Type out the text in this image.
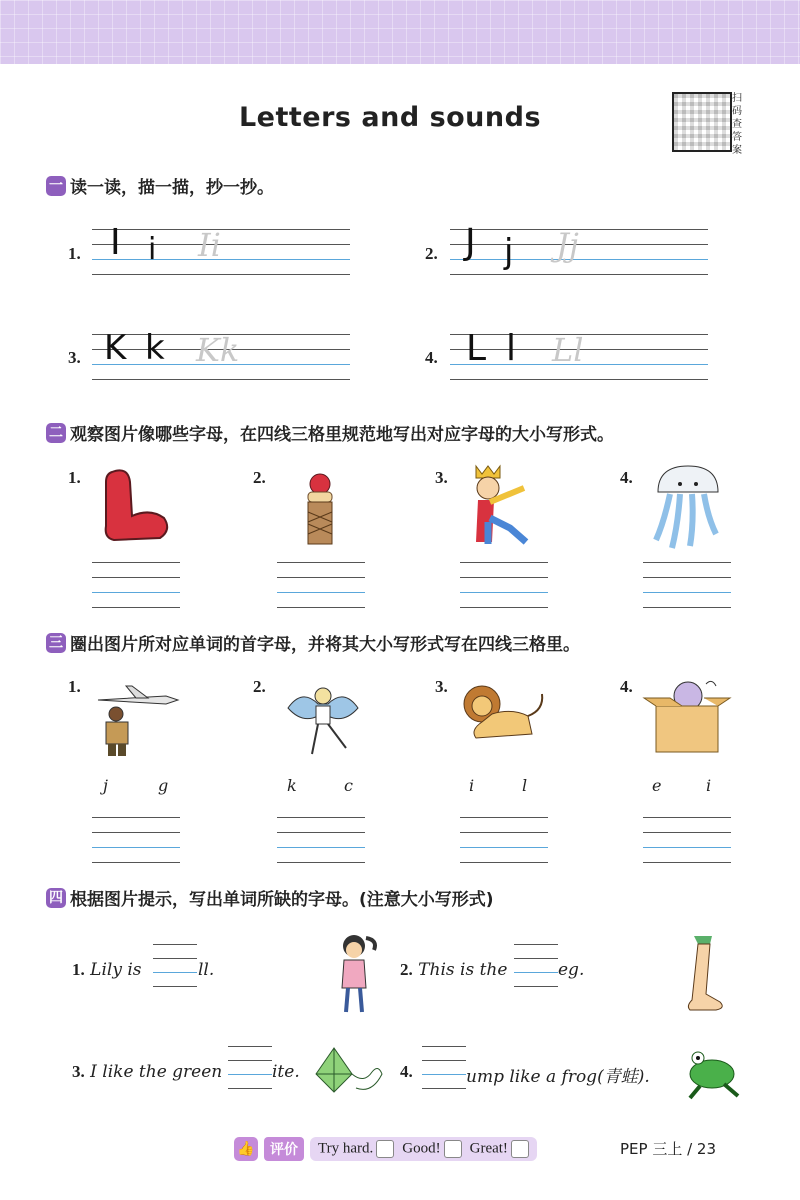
Letters and sounds
扫码查答案
一 读一读，描一描，抄一抄。
1. I i Ii	2. J j Jj
3. K k Kk	4. L l Ll
二 观察图片像哪些字母，在四线三格里规范地写出对应字母的大小写形式。
1.	2.	3.	4.
三 圈出图片所对应单词的首字母，并将其大小写形式写在四线三格里。
1.
j	g
2.
k	c
3.
i	l
4.
e	i
四 根据图片提示，写出单词所缺的字母。(注意大小写形式)
1. Lily is	ll.	2. This is the	eg.
3. I like the green	ite.	4.	ump like a frog(青蛙).
👍	评价	Try hard.	Good!	Great!	PEP 三上 / 23
